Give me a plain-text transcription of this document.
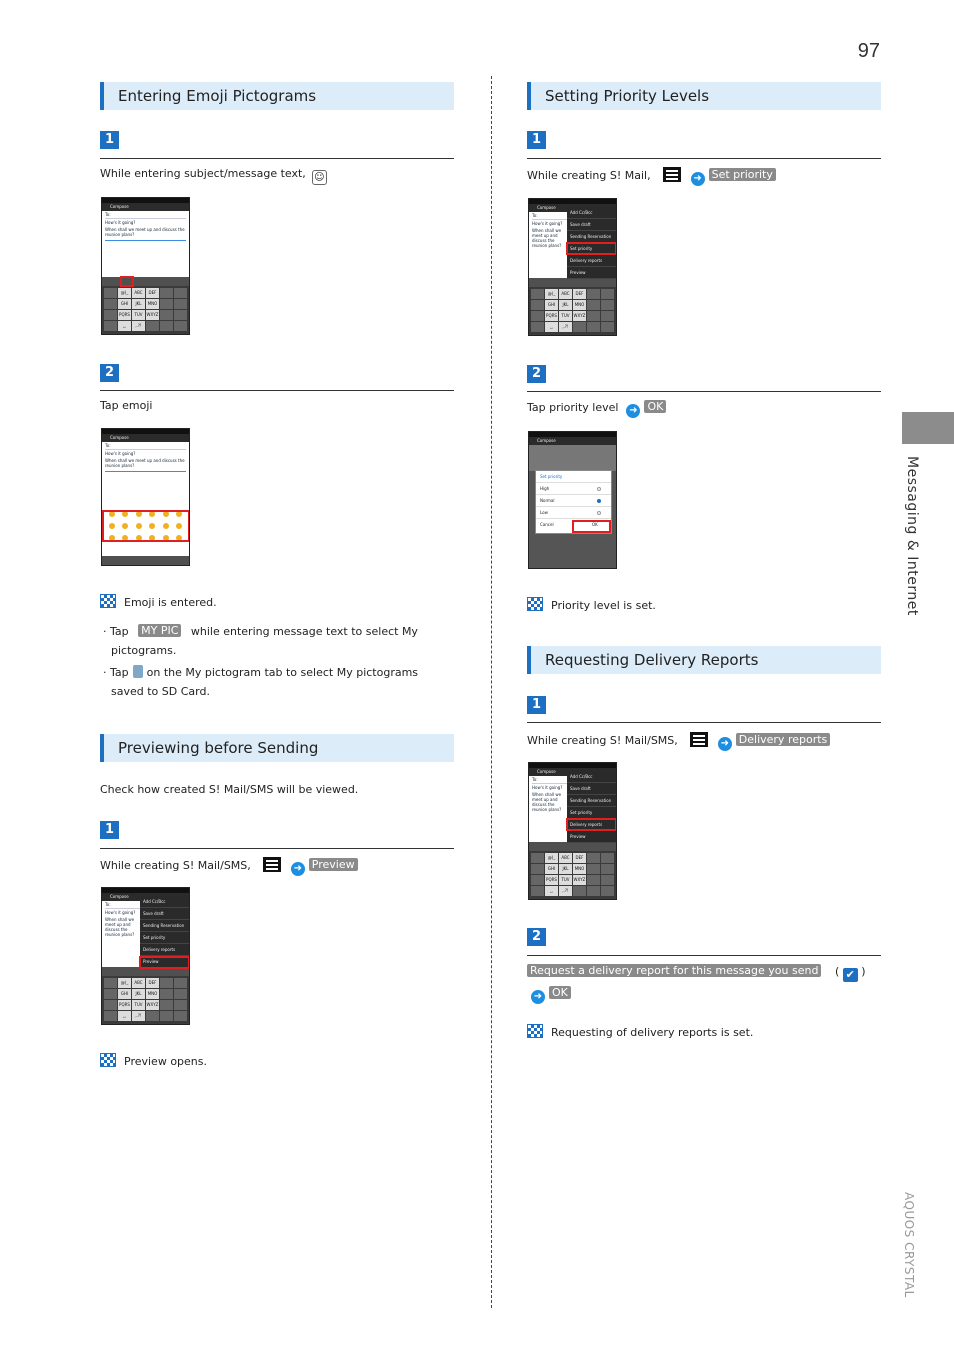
97
Messaging & Internet
AQUOS CRYSTAL
Entering Emoji Pictograms
1
While entering subject/message text, ☺
Compose
To:
How's it going?
When shall we meet up and discuss the reunion plans?
@(_	ABC	DEF
GHI	JKL	MNO
PQRS	TUV	WXYZ
␣	,.?!
2
Tap emoji
Compose
To:
How's it going?
When shall we meet up and discuss the reunion plans?
Emoji is entered.
· Tap MY PIC while entering message text to select My
pictograms.
· Tap on the My pictogram tab to select My pictograms
saved to SD Card.
Previewing before Sending
Check how created S! Mail/SMS will be viewed.
1
While creating S! Mail/SMS,	➜ Preview
Compose
To:
How's it going?
When shall we meet up and discuss the reunion plans?
@(_	ABC	DEF
GHI	JKL	MNO
PQRS	TUV	WXYZ
␣	,.?!
Add Cc/Bcc
Save draft
Sending Reservation
Set priority
Delivery reports
Preview
Preview opens.
Setting Priority Levels
1
While creating S! Mail,	➜ Set priority
Compose
To:
How's it going?
When shall we meet up and discuss the reunion plans?
@(_	ABC	DEF
GHI	JKL	MNO
PQRS	TUV	WXYZ
␣	,.?!
Add Cc/Bcc
Save draft
Sending Reservation
Set priority
Delivery reports
Preview
2
Tap priority level ➜ OK
Compose
Set priority
High
Normal
Low
Cancel	OK
Priority level is set.
Requesting Delivery Reports
1
While creating S! Mail/SMS,	➜ Delivery reports
Compose
To:
How's it going?
When shall we meet up and discuss the reunion plans?
@(_	ABC	DEF
GHI	JKL	MNO
PQRS	TUV	WXYZ
␣	,.?!
Add Cc/Bcc
Save draft
Sending Reservation
Set priority
Delivery reports
Preview
2
Request a delivery report for this message you send ( ✔ )
➜ OK
Requesting of delivery reports is set.
